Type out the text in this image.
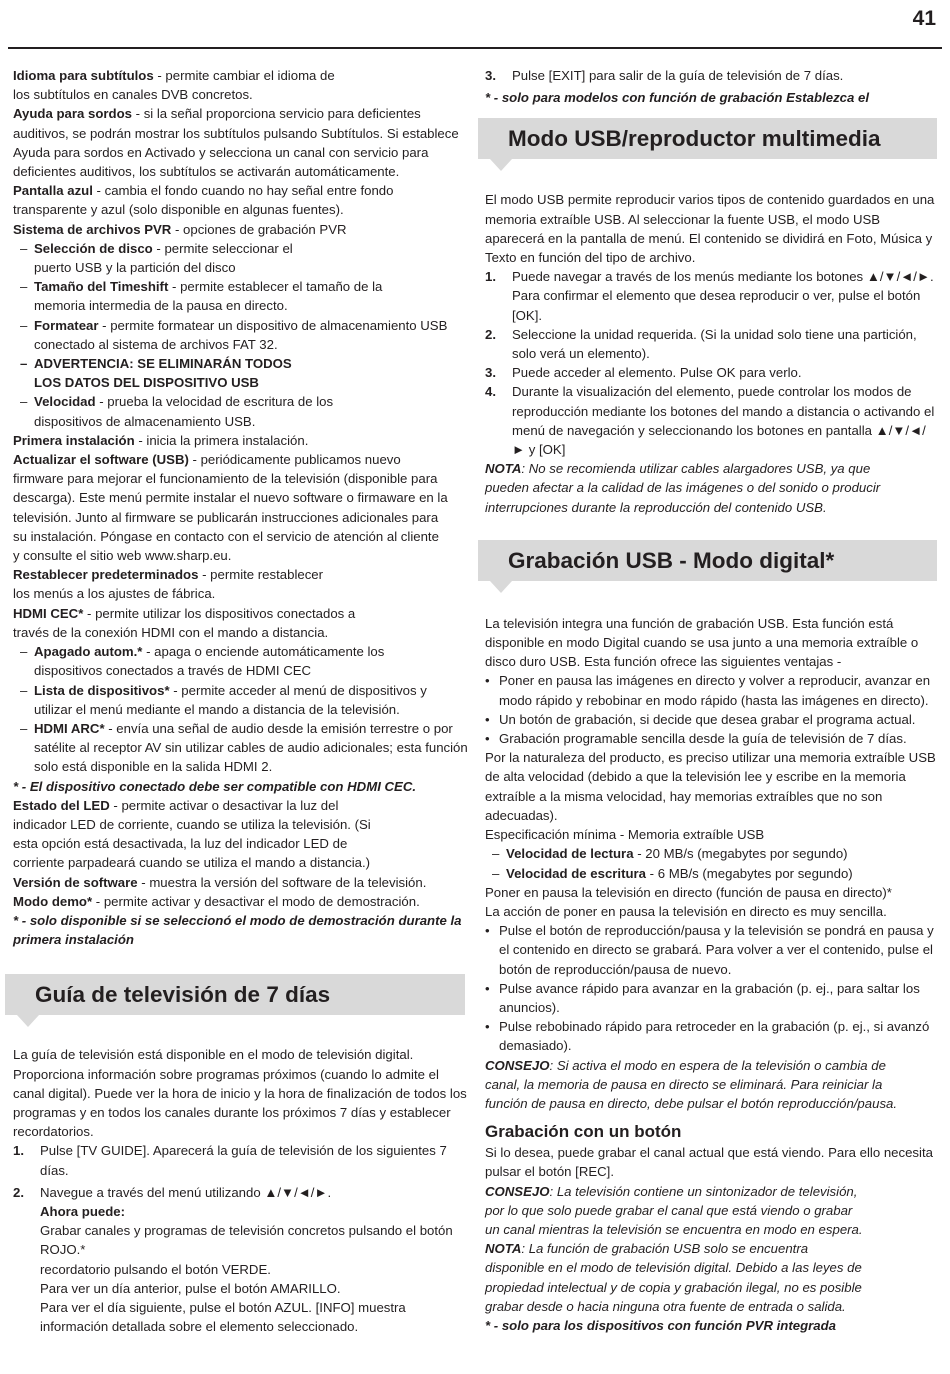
41

Idioma para subtítulos - permite cambiar el idioma de los subtítulos en canales DVB concretos.

Ayuda para sordos - si la señal proporciona servicio para deficientes auditivos, se podrán mostrar los subtítulos pulsando Subtítulos. Si establece Ayuda para sordos en Activado y selecciona un canal con servicio para deficientes auditivos, los subtítulos se activarán automáticamente.

Pantalla azul - cambia el fondo cuando no hay señal entre fondo transparente y azul (solo disponible en algunas fuentes).

Sistema de archivos PVR - opciones de grabación PVR

– Selección de disco - permite seleccionar el puerto USB y la partición del disco

– Tamaño del Timeshift - permite establecer el tamaño de la memoria intermedia de la pausa en directo.

– Formatear - permite formatear un dispositivo de almacenamiento USB conectado al sistema de archivos FAT 32.

– ADVERTENCIA: SE ELIMINARÁN TODOS

LOS DATOS DEL DISPOSITIVO USB

– Velocidad - prueba la velocidad de escritura de los dispositivos de almacenamiento USB.

Primera instalación - inicia la primera instalación.

Actualizar el software (USB) - periódicamente publicamos nuevo firmware para mejorar el funcionamiento de la televisión (disponible para descarga). Este menú permite instalar el nuevo software o firmaware en la televisión. Junto al firmware se publicarán instrucciones adicionales para su instalación. Póngase en contacto con el servicio de atención al cliente y consulte el sitio web www.sharp.eu.

Restablecer predeterminados - permite restablecer los menús a los ajustes de fábrica.

HDMI CEC* - permite utilizar los dispositivos conectados a través de la conexión HDMI con el mando a distancia.

– Apagado autom.* - apaga o enciende automáticamente los dispositivos conectados a través de HDMI CEC

– Lista de dispositivos* - permite acceder al menú de dispositivos y utilizar el menú mediante el mando a distancia de la televisión.

– HDMI ARC* - envía una señal de audio desde la emisión terrestre o por satélite al receptor AV sin utilizar cables de audio adicionales; esta función solo está disponible en la salida HDMI 2.

* - El dispositivo conectado debe ser compatible con HDMI CEC.

Estado del LED - permite activar o desactivar la luz del indicador LED de corriente, cuando se utiliza la televisión. (Si esta opción está desactivada, la luz del indicador LED de corriente parpadeará cuando se utiliza el mando a distancia.)

Versión de software - muestra la versión del software de la televisión.

Modo demo* - permite activar y desactivar el modo de demostración.

* - solo disponible si se seleccionó el modo de demostración durante la primera instalación

Guía de televisión de 7 días

La guía de televisión está disponible en el modo de televisión digital. Proporciona información sobre programas próximos (cuando lo admite el canal digital). Puede ver la hora de inicio y la hora de finalización de todos los programas y en todos los canales durante los próximos 7 días y establecer recordatorios.

1. Pulse [TV GUIDE]. Aparecerá la guía de televisión de los siguientes 7 días.

2. Navegue a través del menú utilizando ▲/▼/◄/►.

Ahora puede:

Grabar canales y programas de televisión concretos pulsando el botón ROJO.*

recordatorio pulsando el botón VERDE.

Para ver un día anterior, pulse el botón AMARILLO.

Para ver el día siguiente, pulse el botón AZUL. [INFO] muestra información detallada sobre el elemento seleccionado.

3. Pulse [EXIT] para salir de la guía de televisión de 7 días.

* - solo para modelos con función de grabación Establezca el

Modo USB/reproductor multimedia

El modo USB permite reproducir varios tipos de contenido guardados en una memoria extraíble USB. Al seleccionar la fuente USB, el modo USB aparecerá en la pantalla de menú. El contenido se dividirá en Foto, Música y Texto en función del tipo de archivo.

1. Puede navegar a través de los menús mediante los botones ▲/▼/◄/►. Para confirmar el elemento que desea reproducir o ver, pulse el botón [OK].

2. Seleccione la unidad requerida. (Si la unidad solo tiene una partición, solo verá un elemento).

3. Puede acceder al elemento. Pulse OK para verlo.

4. Durante la visualización del elemento, puede controlar los modos de reproducción mediante los botones del mando a distancia o activando el menú de navegación y seleccionando los botones en pantalla ▲/▼/◄/► y [OK]

NOTA: No se recomienda utilizar cables alargadores USB, ya que pueden afectar a la calidad de las imágenes o del sonido o producir interrupciones durante la reproducción del contenido USB.

Grabación USB - Modo digital*

La televisión integra una función de grabación USB. Esta función está disponible en modo Digital cuando se usa junto a una memoria extraíble o disco duro USB. Esta función ofrece las siguientes ventajas -

• Poner en pausa las imágenes en directo y volver a reproducir, avanzar en modo rápido y rebobinar en modo rápido (hasta las imágenes en directo).

• Un botón de grabación, si decide que desea grabar el programa actual.

• Grabación programable sencilla desde la guía de televisión de 7 días.

Por la naturaleza del producto, es preciso utilizar una memoria extraíble USB de alta velocidad (debido a que la televisión lee y escribe en la memoria extraíble a la misma velocidad, hay memorias extraíbles que no son adecuadas).

Especificación mínima - Memoria extraíble USB

– Velocidad de lectura - 20 MB/s (megabytes por segundo)

– Velocidad de escritura - 6 MB/s (megabytes por segundo)

Poner en pausa la televisión en directo (función de pausa en directo)*

La acción de poner en pausa la televisión en directo es muy sencilla.

• Pulse el botón de reproducción/pausa y la televisión se pondrá en pausa y el contenido en directo se grabará. Para volver a ver el contenido, pulse el botón de reproducción/pausa de nuevo.

• Pulse avance rápido para avanzar en la grabación (p. ej., para saltar los anuncios).

• Pulse rebobinado rápido para retroceder en la grabación (p. ej., si avanzó demasiado).

CONSEJO: Si activa el modo en espera de la televisión o cambia de canal, la memoria de pausa en directo se eliminará. Para reiniciar la función de pausa en directo, debe pulsar el botón reproducción/pausa.

Grabación con un botón

Si lo desea, puede grabar el canal actual que está viendo. Para ello necesita pulsar el botón [REC].

CONSEJO: La televisión contiene un sintonizador de televisión, por lo que solo puede grabar el canal que está viendo o grabar un canal mientras la televisión se encuentra en modo en espera.

NOTA: La función de grabación USB solo se encuentra disponible en el modo de televisión digital. Debido a las leyes de propiedad intelectual y de copia y grabación ilegal, no es posible grabar desde o hacia ninguna otra fuente de entrada o salida.

* - solo para los dispositivos con función PVR integrada
